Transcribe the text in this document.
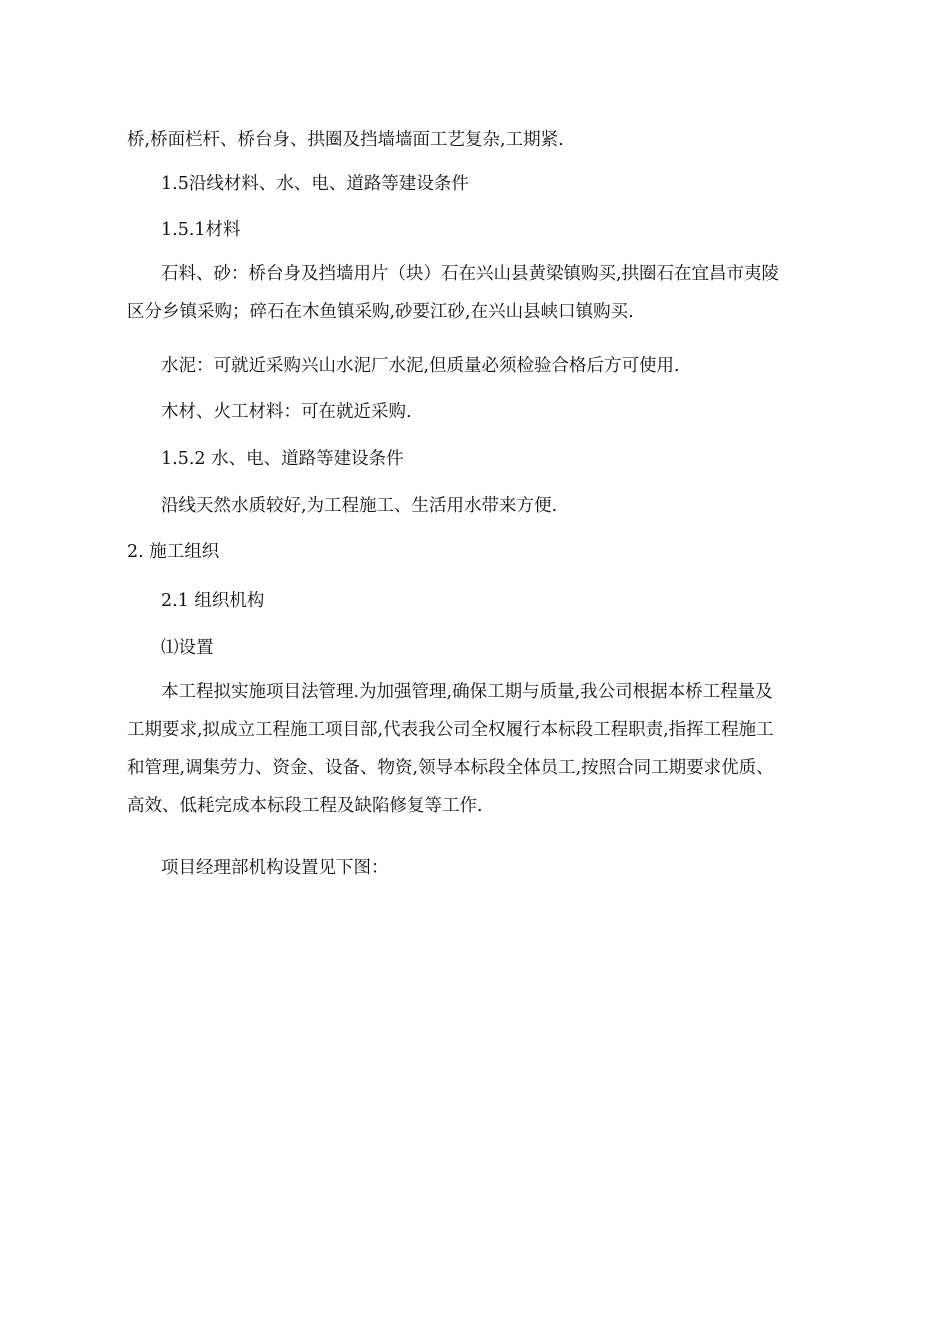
桥,桥面栏杆、桥台身、拱圈及挡墙墙面工艺复杂,工期紧.
1.5沿线材料、水、电、道路等建设条件
1.5.1材料
石料、砂：桥台身及挡墙用片（块）石在兴山县黄梁镇购买,拱圈石在宜昌市夷陵
区分乡镇采购；碎石在木鱼镇采购,砂要江砂,在兴山县峡口镇购买.
水泥：可就近采购兴山水泥厂水泥,但质量必须检验合格后方可使用.
木材、火工材料：可在就近采购.
1.5.2 水、电、道路等建设条件
沿线天然水质较好,为工程施工、生活用水带来方便.
2. 施工组织
2.1 组织机构
⑴设置
本工程拟实施项目法管理.为加强管理,确保工期与质量,我公司根据本桥工程量及
工期要求,拟成立工程施工项目部,代表我公司全权履行本标段工程职责,指挥工程施工
和管理,调集劳力、资金、设备、物资,领导本标段全体员工,按照合同工期要求优质、
高效、低耗完成本标段工程及缺陷修复等工作.
项目经理部机构设置见下图：
